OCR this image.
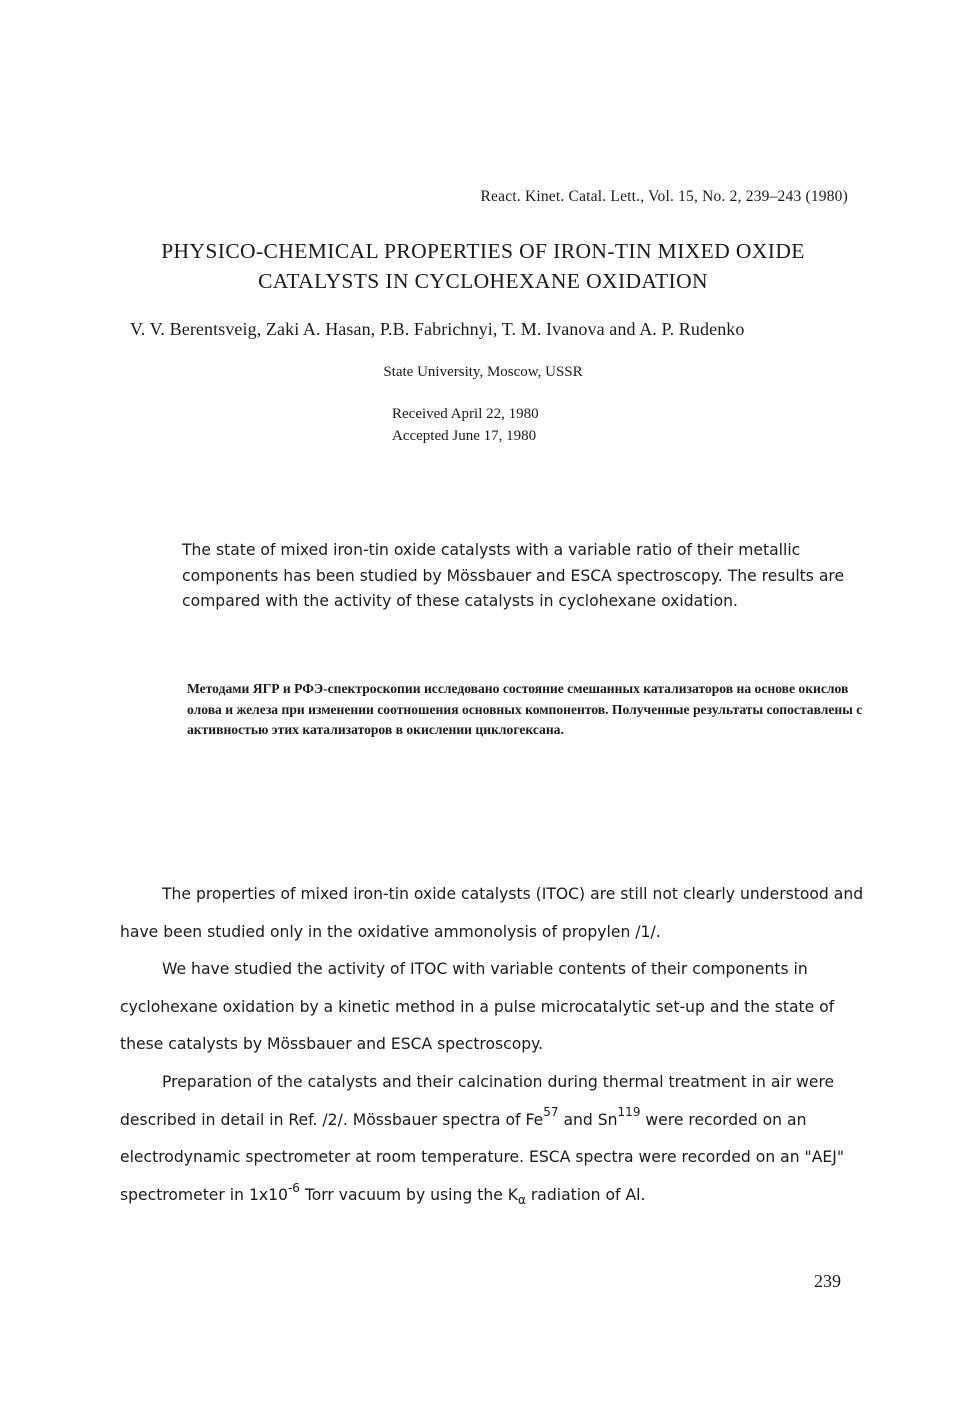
React. Kinet. Catal. Lett., Vol. 15, No. 2, 239–243 (1980)
PHYSICO-CHEMICAL PROPERTIES OF IRON-TIN MIXED OXIDE
CATALYSTS IN CYCLOHEXANE OXIDATION
V. V. Berentsveig, Zaki A. Hasan, P.B. Fabrichnyi, T. M. Ivanova and A. P. Rudenko
State University, Moscow, USSR
Received April 22, 1980
Accepted June 17, 1980
The state of mixed iron-tin oxide catalysts with a variable ratio of their metallic components has been studied by Mössbauer and ESCA spectroscopy. The results are compared with the activity of these catalysts in cyclohexane oxidation.
Методами ЯГР и РФЭ-спектроскопии исследовано состояние смешанных катализаторов на основе окислов олова и железа при изменении соотношения основных компонентов. Полученные результаты сопоставлены с активностью этих катализаторов в окислении циклогексана.

The properties of mixed iron-tin oxide catalysts (ITOC) are still not clearly understood and have been studied only in the oxidative ammonolysis of propylen /1/.

We have studied the activity of ITOC with variable contents of their components in cyclohexane oxidation by a kinetic method in a pulse microcatalytic set-up and the state of these catalysts by Mössbauer and ESCA spectroscopy.

Preparation of the catalysts and their calcination during thermal treatment in air were described in detail in Ref. /2/. Mössbauer spectra of Fe$^{57}$ and Sn$^{119}$ were recorded on an electrodynamic spectrometer at room temperature. ESCA spectra were recorded on an "AEJ" spectrometer in $1x10^{-6}$ Torr vacuum by using the $K_\alpha$ radiation of Al.

239
